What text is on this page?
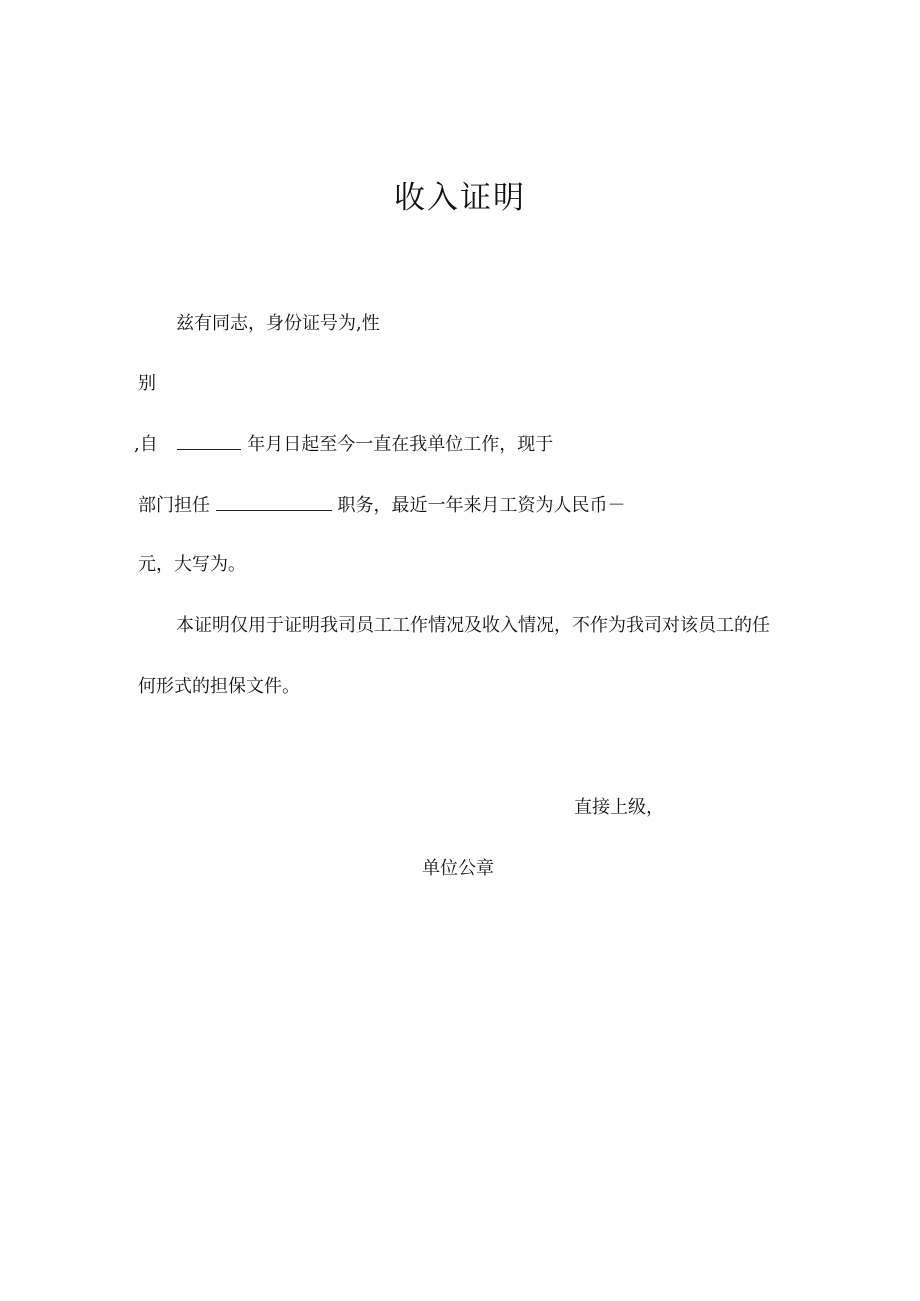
收入证明
兹有同志，身份证号为,性
别
,自	年月日起至今一直在我单位工作，现于
部门担任	职务，最近一年来月工资为人民币－
元，大写为。
本证明仅用于证明我司员工工作情况及收入情况，不作为我司对该员工的任
何形式的担保文件。
直接上级，
单位公章
